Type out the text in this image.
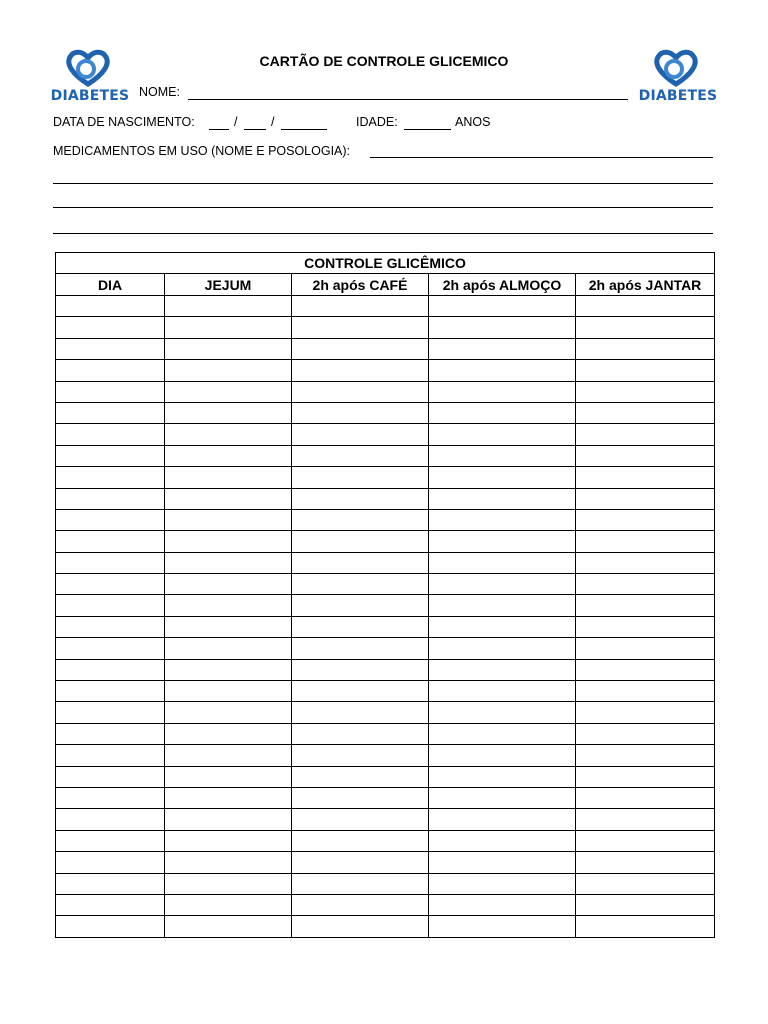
DIABETES	DIABETES
CARTÃO DE CONTROLE GLICEMICO
NOME:
DATA DE NASCIMENTO:	/	/	IDADE:	ANOS
MEDICAMENTOS EM USO (NOME E POSOLOGIA):
CONTROLE GLICÊMICO				
DIA	JEJUM	2h após CAFÉ	2h após ALMOÇO	2h após JANTAR
